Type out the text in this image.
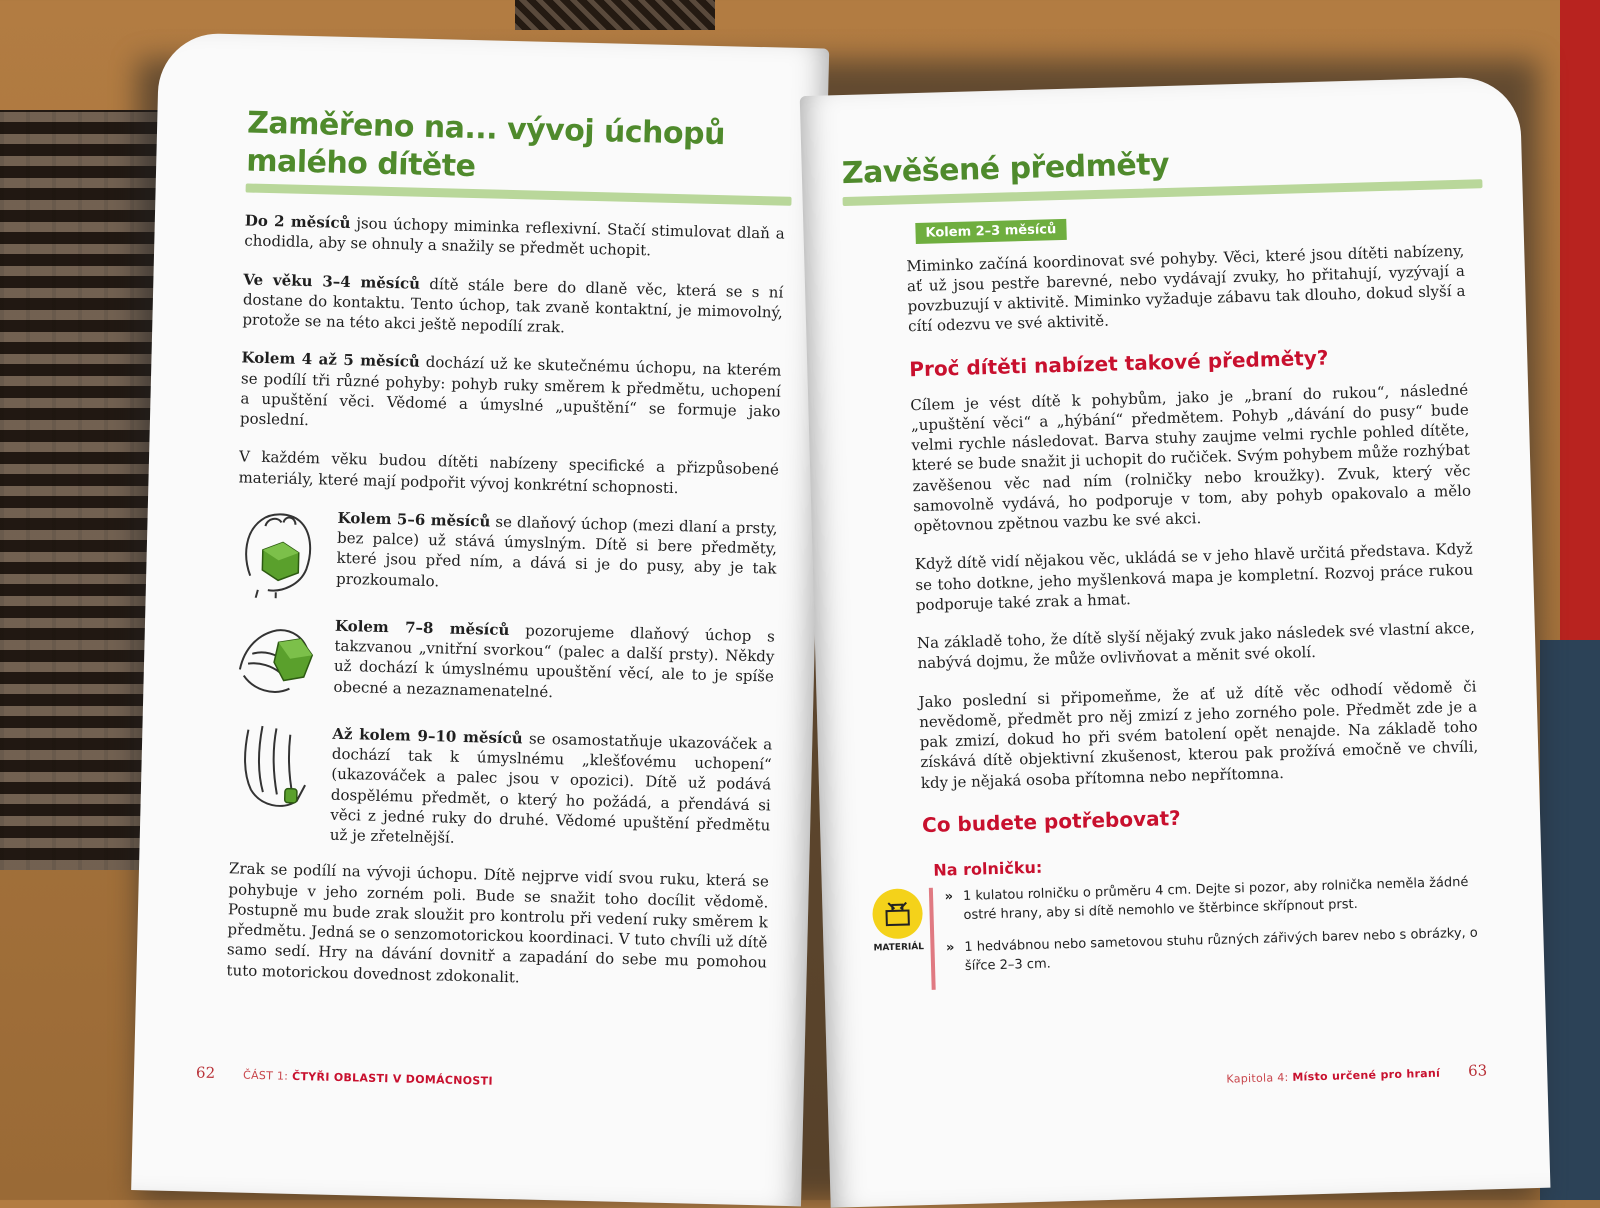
Zaměřeno na... vývoj úchopů malého dítěte

Do 2 měsíců jsou úchopy miminka reflexivní. Stačí stimulovat dlaň a chodidla, aby se ohnuly a snažily se předmět uchopit.

Ve věku 3–4 měsíců dítě stále bere do dlaně věc, která se s ní dostane do kontaktu. Tento úchop, tak zvaně kontaktní, je mimovolný, protože se na této akci ještě nepodílí zrak.

Kolem 4 až 5 měsíců dochází už ke skutečnému úchopu, na kterém se podílí tři různé pohyby: pohyb ruky směrem k předmětu, uchopení a upuštění věci. Vědomé a úmyslné „upuštění“ se formuje jako poslední.

V každém věku budou dítěti nabízeny specifické a přizpůsobené materiály, které mají podpořit vývoj konkrétní schopnosti.

Kolem 5–6 měsíců se dlaňový úchop (mezi dlaní a prsty, bez palce) už stává úmyslným. Dítě si bere předměty, které jsou před ním, a dává si je do pusy, aby je tak prozkoumalo.

Kolem 7–8 měsíců pozorujeme dlaňový úchop s takzvanou „vnitřní svorkou“ (palec a další prsty). Někdy už dochází k úmyslnému upouštění věcí, ale to je spíše obecné a nezaznamenatelné.

Až kolem 9–10 měsíců se osamostatňuje ukazováček a dochází tak k úmyslnému „klešťovému uchopení“ (ukazováček a palec jsou v opozici). Dítě už podává dospělému předmět, o který ho požádá, a přendává si věci z jedné ruky do druhé. Vědomé upuštění předmětu už je zřetelnější.

Zrak se podílí na vývoji úchopu. Dítě nejprve vidí svou ruku, která se pohybuje v jeho zorném poli. Bude se snažit toho docílit vědomě. Postupně mu bude zrak sloužit pro kontrolu při vedení ruky směrem k předmětu. Jedná se o senzomotorickou koordinaci. V tuto chvíli už dítě samo sedí. Hry na dávání dovnitř a zapadání do sebe mu pomohou tuto motorickou dovednost zdokonalit.

62	ČÁST 1: ČTYŘI OBLASTI V DOMÁCNOSTI
Zavěšené předměty
Kolem 2–3 měsíců

Miminko začíná koordinovat své pohyby. Věci, které jsou dítěti nabízeny, ať už jsou pestře barevné, nebo vydávají zvuky, ho přitahují, vyzývají a povzbuzují v aktivitě. Miminko vyžaduje zábavu tak dlouho, dokud slyší a cítí odezvu ve své aktivitě.

Proč dítěti nabízet takové předměty?

Cílem je vést dítě k pohybům, jako je „braní do rukou“, následné „upuštění věci“ a „hýbání“ předmětem. Pohyb „dávání do pusy“ bude velmi rychle následovat. Barva stuhy zaujme velmi rychle pohled dítěte, které se bude snažit ji uchopit do ručiček. Svým pohybem může rozhýbat zavěšenou věc nad ním (rolničky nebo kroužky). Zvuk, který věc samovolně vydává, ho podporuje v tom, aby pohyb opakovalo a mělo opětovnou zpětnou vazbu ke své akci.

Když dítě vidí nějakou věc, ukládá se v jeho hlavě určitá představa. Když se toho dotkne, jeho myšlenková mapa je kompletní. Rozvoj práce rukou podporuje také zrak a hmat.

Na základě toho, že dítě slyší nějaký zvuk jako následek své vlastní akce, nabývá dojmu, že může ovlivňovat a měnit své okolí.

Jako poslední si připomeňme, že ať už dítě věc odhodí vědomě či nevědomě, předmět pro něj zmizí z jeho zorného pole. Předmět zde je a pak zmizí, dokud ho při svém batolení opět nenajde. Na základě toho získává dítě objektivní zkušenost, kterou pak prožívá emočně ve chvíli, kdy je nějaká osoba přítomna nebo nepřítomna.

Co budete potřebovat?
Na rolničku:
MATERIÁL
» 1 kulatou rolničku o průměru 4 cm. Dejte si pozor, aby rolnička neměla žádné ostré hrany, aby si dítě nemohlo ve štěrbince skřípnout prst.
» 1 hedvábnou nebo sametovou stuhu různých zářivých barev nebo s obrázky, o šířce 2–3 cm.
Kapitola 4: Místo určené pro hraní 63
